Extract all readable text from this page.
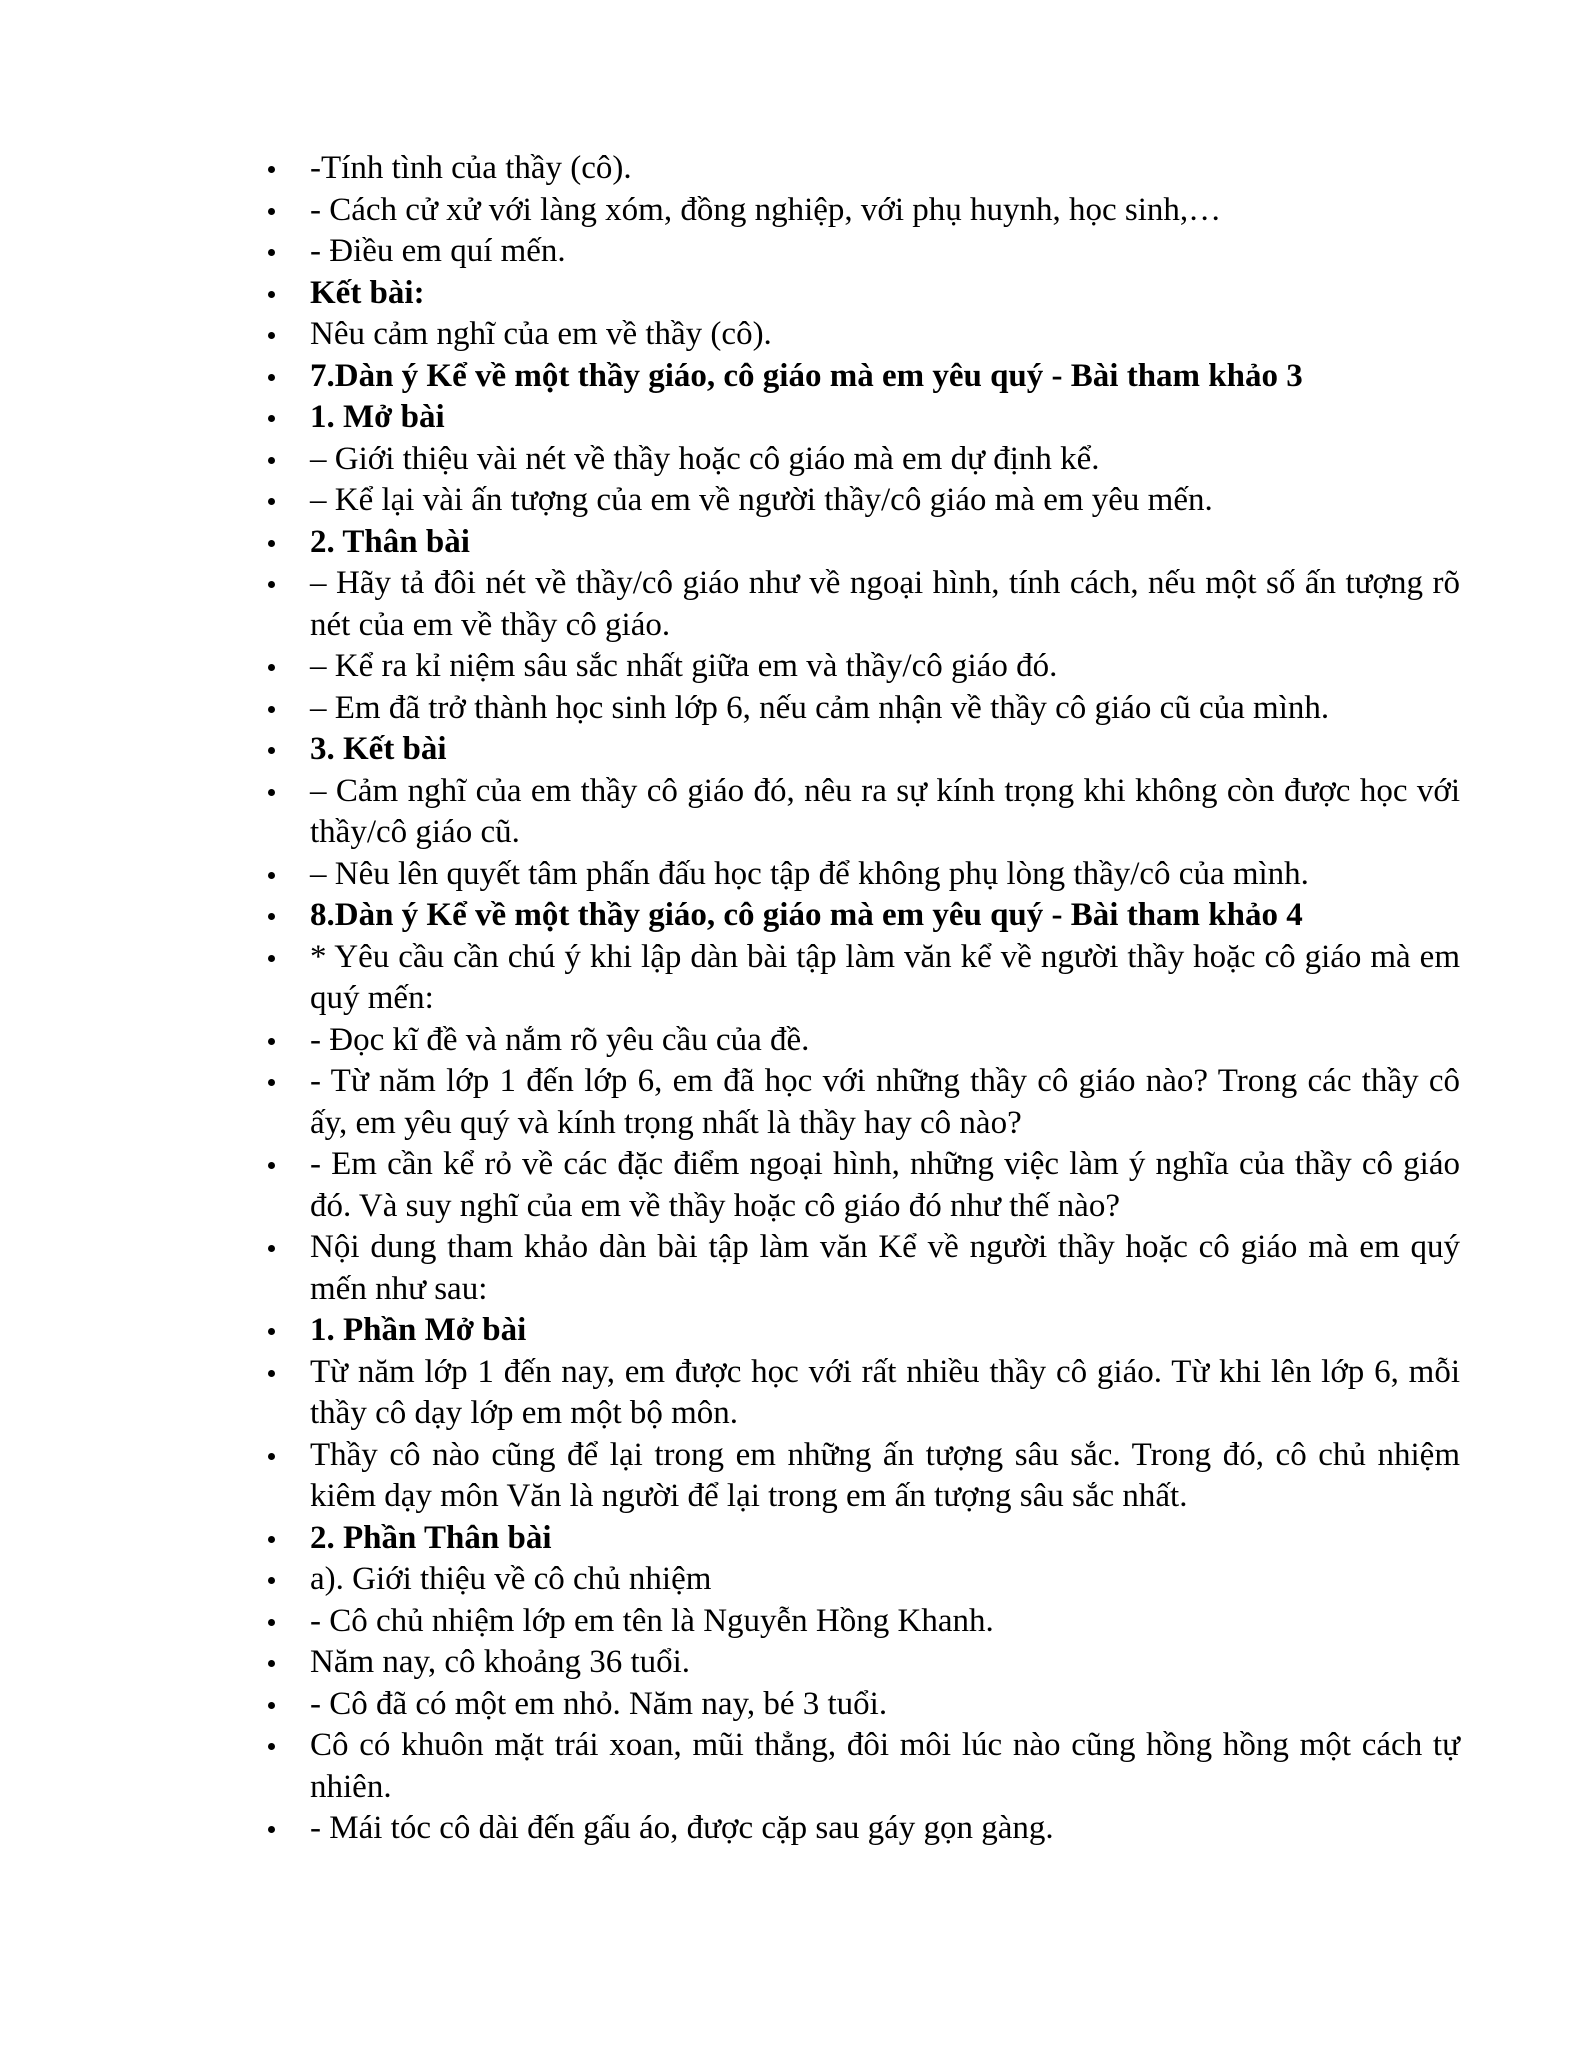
-Tính tình của thầy (cô).
- Cách cử xử với làng xóm, đồng nghiệp, với phụ huynh, học sinh,…
- Điều em quí mến.
Kết bài:
Nêu cảm nghĩ của em về thầy (cô).
7.Dàn ý Kể về một thầy giáo, cô giáo mà em yêu quý - Bài tham khảo 3
1. Mở bài
– Giới thiệu vài nét về thầy hoặc cô giáo mà em dự định kể.
– Kể lại vài ấn tượng của em về người thầy/cô giáo mà em yêu mến.
2. Thân bài
– Hãy tả đôi nét về thầy/cô giáo như về ngoại hình, tính cách, nếu một số ấn tượng rõ nét của em về thầy cô giáo.
– Kể ra kỉ niệm sâu sắc nhất giữa em và thầy/cô giáo đó.
– Em đã trở thành học sinh lớp 6, nếu cảm nhận về thầy cô giáo cũ của mình.
3. Kết bài
– Cảm nghĩ của em thầy cô giáo đó, nêu ra sự kính trọng khi không còn được học với thầy/cô giáo cũ.
– Nêu lên quyết tâm phấn đấu học tập để không phụ lòng thầy/cô của mình.
8.Dàn ý Kể về một thầy giáo, cô giáo mà em yêu quý - Bài tham khảo 4
* Yêu cầu cần chú ý khi lập dàn bài tập làm văn kể về người thầy hoặc cô giáo mà em quý mến:
- Đọc kĩ đề và nắm rõ yêu cầu của đề.
- Từ năm lớp 1 đến lớp 6, em đã học với những thầy cô giáo nào? Trong các thầy cô ấy, em yêu quý và kính trọng nhất là thầy hay cô nào?
- Em cần kể rỏ về các đặc điểm ngoại hình, những việc làm ý nghĩa của thầy cô giáo đó. Và suy nghĩ của em về thầy hoặc cô giáo đó như thế nào?
Nội dung tham khảo dàn bài tập làm văn Kể về người thầy hoặc cô giáo mà em quý mến như sau:
1. Phần Mở bài
Từ năm lớp 1 đến nay, em được học với rất nhiều thầy cô giáo. Từ khi lên lớp 6, mỗi thầy cô dạy lớp em một bộ môn.
Thầy cô nào cũng để lại trong em những ấn tượng sâu sắc. Trong đó, cô chủ nhiệm kiêm dạy môn Văn là người để lại trong em ấn tượng sâu sắc nhất.
2. Phần Thân bài
a). Giới thiệu về cô chủ nhiệm
- Cô chủ nhiệm lớp em tên là Nguyễn Hồng Khanh.
Năm nay, cô khoảng 36 tuổi.
- Cô đã có một em nhỏ. Năm nay, bé 3 tuổi.
Cô có khuôn mặt trái xoan, mũi thẳng, đôi môi lúc nào cũng hồng hồng một cách tự nhiên.
- Mái tóc cô dài đến gấu áo, được cặp sau gáy gọn gàng.
